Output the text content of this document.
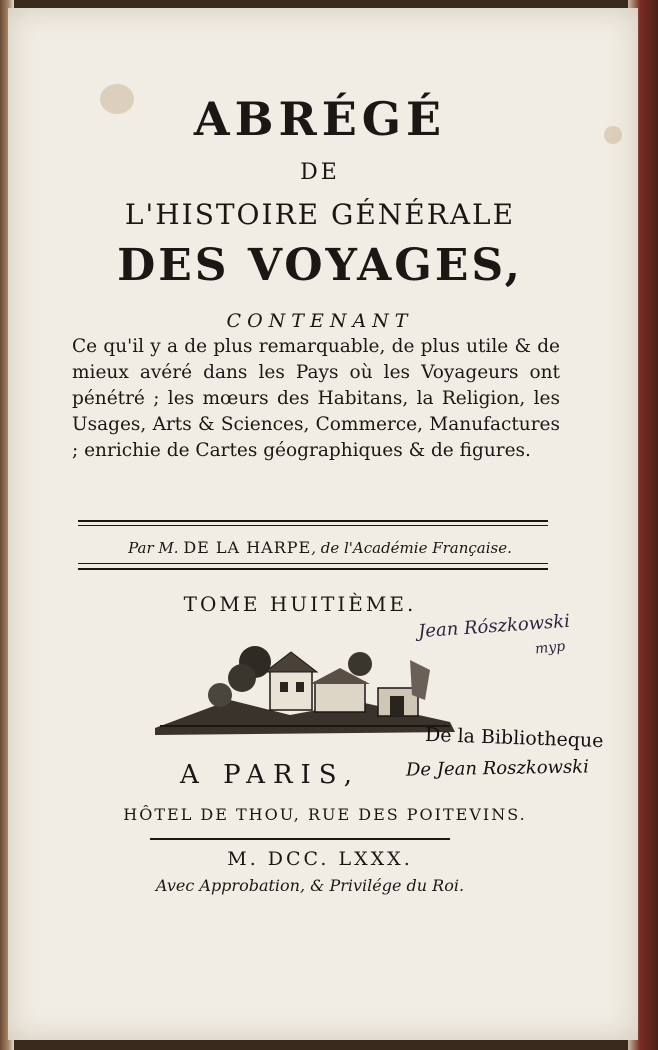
ABRÉGÉ
DE
L'HISTOIRE GÉNÉRALE
DES VOYAGES,
CONTENANT
Ce qu'il y a de plus remarquable, de plus utile & de mieux avéré dans les Pays où les Voyageurs ont pénétré ; les mœurs des Habitans, la Religion, les Usages, Arts & Sciences, Commerce, Manufactures ; enrichie de Cartes géographiques & de figures.
Par M. DE LA HARPE, de l'Académie Française.
TOME HUITIÈME.
A PARIS,
HÔTEL DE THOU, RUE DES POITEVINS.
M. DCC. LXXX.
Avec Approbation, & Privilége du Roi.
Jean Rószkowski
myp
De la Bibliotheque
De Jean Roszkowski
